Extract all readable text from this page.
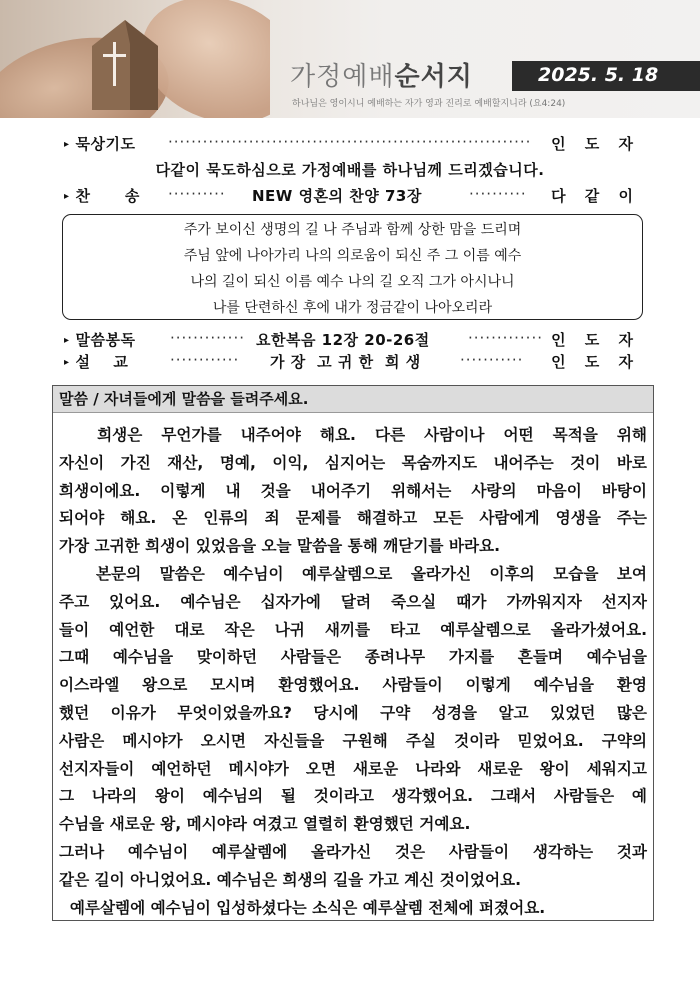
가정예배순서지	2025. 5. 18
하나님은 영이시니 예배하는 자가 영과 진리로 예배할지니라 (요4:24)
▸ 묵상기도 ······························································· 인 도 자
다같이 묵도하심으로 가정예배를 하나님께 드리겠습니다.
▸ 찬      송 ·········· NEW 영혼의 찬양 73장	·········· 다 같 이

주가 보이신 생명의 길 나 주님과 함께 상한 맘을 드리며

주님 앞에 나아가리 나의 의로움이 되신 주 그 이름 예수

나의 길이 되신 이름 예수 나의 길 오직 그가 아시나니

나를 단련하신 후에 내가 정금같이 나아오리라

▸ 말씀봉독 ············· 요한복음 12장 20-26절	············· 인 도 자
▸ 설    교	············ 가 장  고 귀 한  희 생	··········· 인 도 자
말씀 / 자녀들에게 말씀을 들려주세요.
희생은 무언가를 내주어야 해요. 다른 사람이나 어떤 목적을 위해
자신이 가진 재산, 명예, 이익, 심지어는 목숨까지도 내어주는 것이 바로
희생이에요. 이렇게 내 것을 내어주기 위해서는 사랑의 마음이 바탕이
되어야 해요. 온 인류의 죄 문제를 해결하고 모든 사람에게 영생을 주는
가장 고귀한 희생이 있었음을 오늘 말씀을 통해 깨닫기를 바라요.
본문의 말씀은 예수님이 예루살렘으로 올라가신 이후의 모습을 보여
주고 있어요. 예수님은 십자가에 달려 죽으실 때가 가까워지자 선지자
들이 예언한 대로 작은 나귀 새끼를 타고 예루살렘으로 올라가셨어요.
그때 예수님을 맞이하던 사람들은 종려나무 가지를 흔들며 예수님을
이스라엘 왕으로 모시며 환영했어요. 사람들이 이렇게 예수님을 환영
했던 이유가 무엇이었을까요? 당시에 구약 성경을 알고 있었던 많은
사람은 메시야가 오시면 자신들을 구원해 주실 것이라 믿었어요. 구약의
선지자들이 예언하던 메시야가 오면 새로운 나라와 새로운 왕이 세워지고
그 나라의 왕이 예수님의 될 것이라고 생각했어요. 그래서 사람들은 예
수님을 새로운 왕, 메시야라 여겼고 열렬히 환영했던 거예요.
그러나 예수님이 예루살렘에 올라가신 것은 사람들이 생각하는 것과
같은 길이 아니었어요. 예수님은 희생의 길을 가고 계신 것이었어요.
예루살렘에 예수님이 입성하셨다는 소식은 예루살렘 전체에 퍼졌어요.
